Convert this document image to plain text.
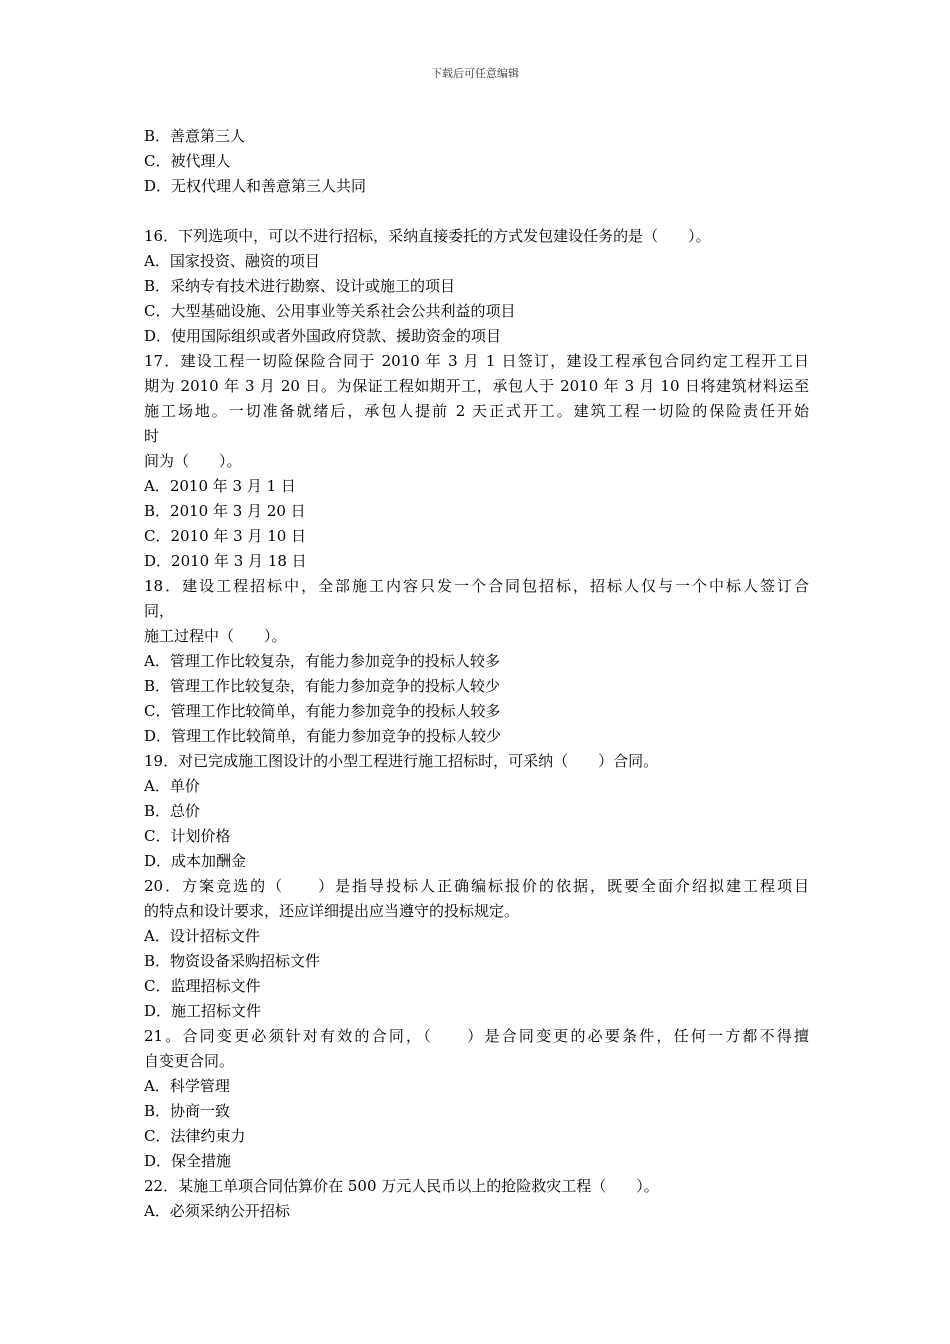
下载后可任意编辑
B．善意第三人
C．被代理人
D．无权代理人和善意第三人共同
16．下列选项中，可以不进行招标，采纳直接委托的方式发包建设任务的是（　　）。
A．国家投资、融资的项目
B．采纳专有技术进行勘察、设计或施工的项目
C．大型基础设施、公用事业等关系社会公共利益的项目
D．使用国际组织或者外国政府贷款、援助资金的项目
17．建设工程一切险保险合同于 2010 年 3 月 1 日签订，建设工程承包合同约定工程开工日
期为 2010 年 3 月 20 日。为保证工程如期开工，承包人于 2010 年 3 月 10 日将建筑材料运至
施工场地。一切准备就绪后，承包人提前 2 天正式开工。建筑工程一切险的保险责任开始
时
间为（　　）。
A．2010 年 3 月 1 日
B．2010 年 3 月 20 日
C．2010 年 3 月 10 日
D．2010 年 3 月 18 日
18．建设工程招标中，全部施工内容只发一个合同包招标，招标人仅与一个中标人签订合
同，
施工过程中（　　）。
A．管理工作比较复杂，有能力参加竞争的投标人较多
B．管理工作比较复杂，有能力参加竞争的投标人较少
C．管理工作比较简单，有能力参加竞争的投标人较多
D．管理工作比较简单，有能力参加竞争的投标人较少
19．对已完成施工图设计的小型工程进行施工招标时，可采纳（　　）合同。
A．单价
B．总价
C．计划价格
D．成本加酬金
20．方案竞选的（　　）是指导投标人正确编标报价的依据，既要全面介绍拟建工程项目
的特点和设计要求，还应详细提出应当遵守的投标规定。
A．设计招标文件
B．物资设备采购招标文件
C．监理招标文件
D．施工招标文件
21。合同变更必须针对有效的合同，（　　）是合同变更的必要条件，任何一方都不得擅
自变更合同。
A．科学管理
B．协商一致
C．法律约束力
D．保全措施
22．某施工单项合同估算价在 500 万元人民币以上的抢险救灾工程（　　）。
A．必须采纳公开招标
